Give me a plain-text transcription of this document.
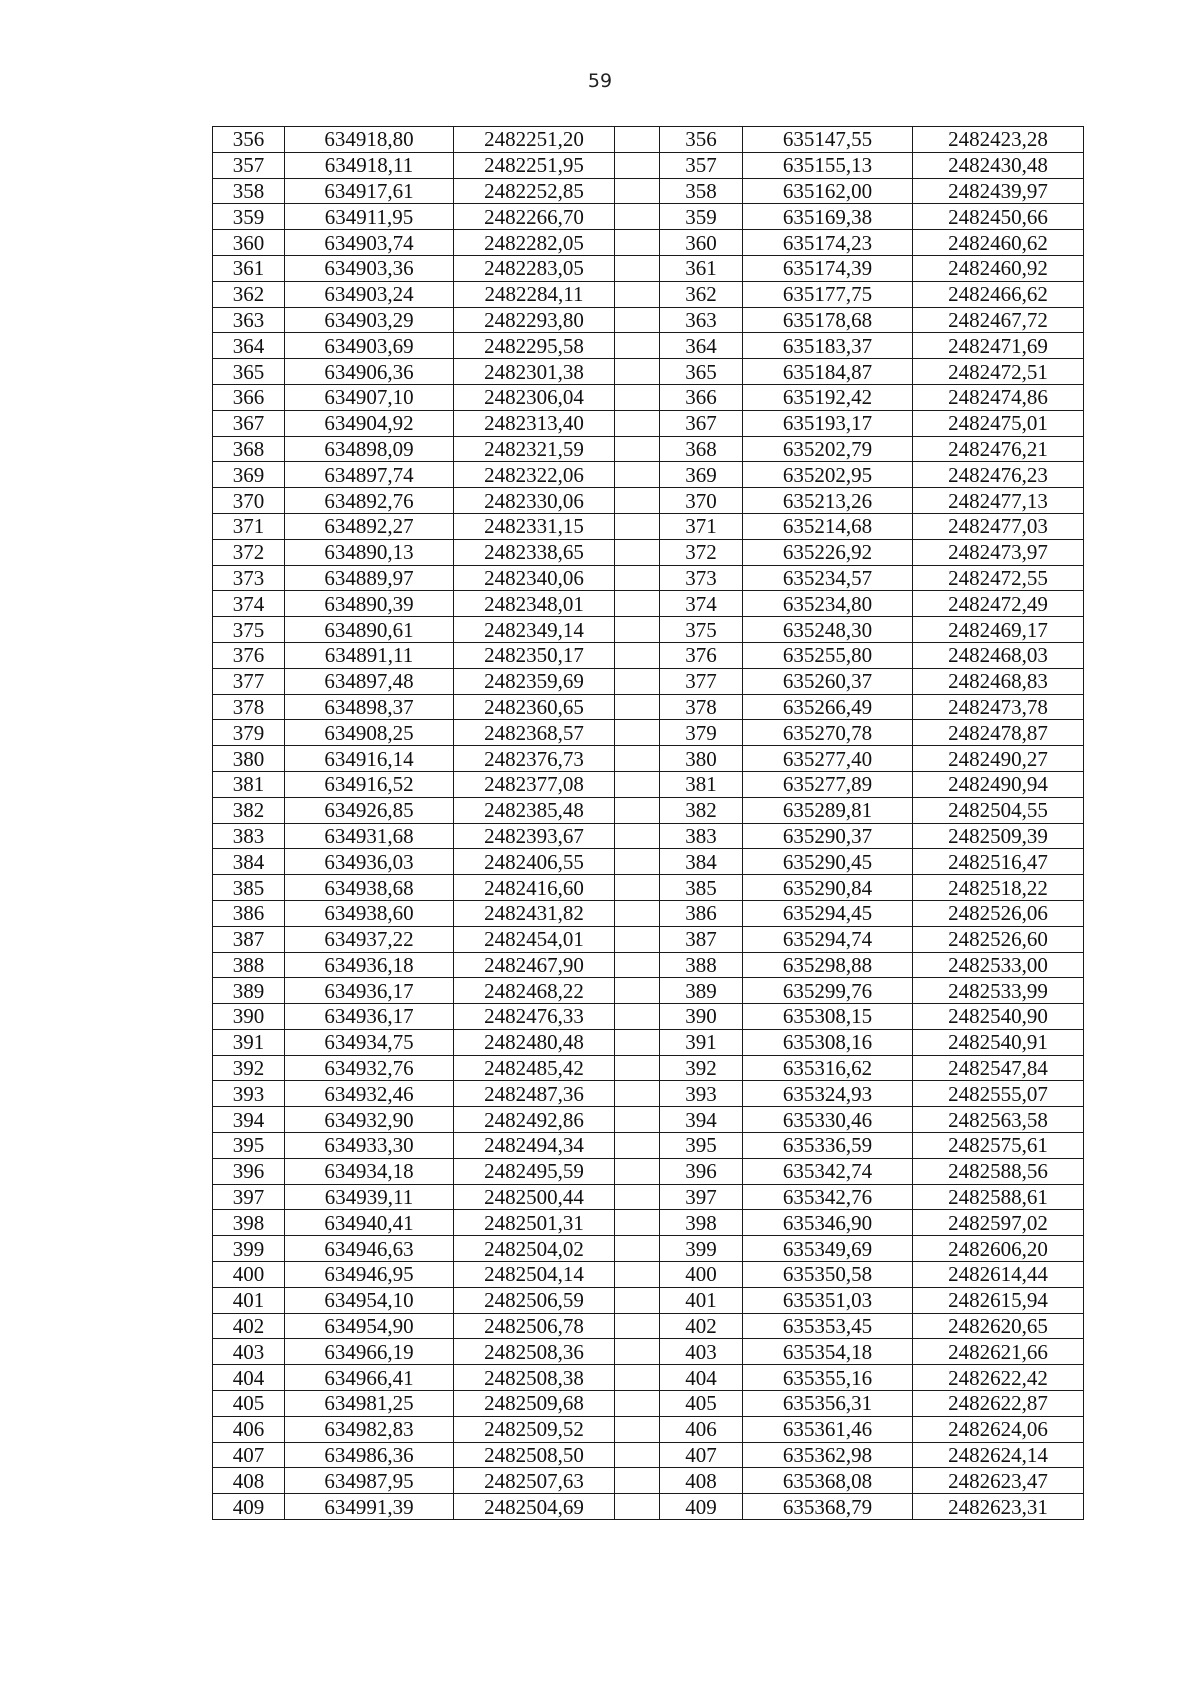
59
356	634918,80	2482251,20		356	635147,55	2482423,28
357	634918,11	2482251,95		357	635155,13	2482430,48
358	634917,61	2482252,85		358	635162,00	2482439,97
359	634911,95	2482266,70		359	635169,38	2482450,66
360	634903,74	2482282,05		360	635174,23	2482460,62
361	634903,36	2482283,05		361	635174,39	2482460,92
362	634903,24	2482284,11		362	635177,75	2482466,62
363	634903,29	2482293,80		363	635178,68	2482467,72
364	634903,69	2482295,58		364	635183,37	2482471,69
365	634906,36	2482301,38		365	635184,87	2482472,51
366	634907,10	2482306,04		366	635192,42	2482474,86
367	634904,92	2482313,40		367	635193,17	2482475,01
368	634898,09	2482321,59		368	635202,79	2482476,21
369	634897,74	2482322,06		369	635202,95	2482476,23
370	634892,76	2482330,06		370	635213,26	2482477,13
371	634892,27	2482331,15		371	635214,68	2482477,03
372	634890,13	2482338,65		372	635226,92	2482473,97
373	634889,97	2482340,06		373	635234,57	2482472,55
374	634890,39	2482348,01		374	635234,80	2482472,49
375	634890,61	2482349,14		375	635248,30	2482469,17
376	634891,11	2482350,17		376	635255,80	2482468,03
377	634897,48	2482359,69		377	635260,37	2482468,83
378	634898,37	2482360,65		378	635266,49	2482473,78
379	634908,25	2482368,57		379	635270,78	2482478,87
380	634916,14	2482376,73		380	635277,40	2482490,27
381	634916,52	2482377,08		381	635277,89	2482490,94
382	634926,85	2482385,48		382	635289,81	2482504,55
383	634931,68	2482393,67		383	635290,37	2482509,39
384	634936,03	2482406,55		384	635290,45	2482516,47
385	634938,68	2482416,60		385	635290,84	2482518,22
386	634938,60	2482431,82		386	635294,45	2482526,06
387	634937,22	2482454,01		387	635294,74	2482526,60
388	634936,18	2482467,90		388	635298,88	2482533,00
389	634936,17	2482468,22		389	635299,76	2482533,99
390	634936,17	2482476,33		390	635308,15	2482540,90
391	634934,75	2482480,48		391	635308,16	2482540,91
392	634932,76	2482485,42		392	635316,62	2482547,84
393	634932,46	2482487,36		393	635324,93	2482555,07
394	634932,90	2482492,86		394	635330,46	2482563,58
395	634933,30	2482494,34		395	635336,59	2482575,61
396	634934,18	2482495,59		396	635342,74	2482588,56
397	634939,11	2482500,44		397	635342,76	2482588,61
398	634940,41	2482501,31		398	635346,90	2482597,02
399	634946,63	2482504,02		399	635349,69	2482606,20
400	634946,95	2482504,14		400	635350,58	2482614,44
401	634954,10	2482506,59		401	635351,03	2482615,94
402	634954,90	2482506,78		402	635353,45	2482620,65
403	634966,19	2482508,36		403	635354,18	2482621,66
404	634966,41	2482508,38		404	635355,16	2482622,42
405	634981,25	2482509,68		405	635356,31	2482622,87
406	634982,83	2482509,52		406	635361,46	2482624,06
407	634986,36	2482508,50		407	635362,98	2482624,14
408	634987,95	2482507,63		408	635368,08	2482623,47
409	634991,39	2482504,69		409	635368,79	2482623,31
